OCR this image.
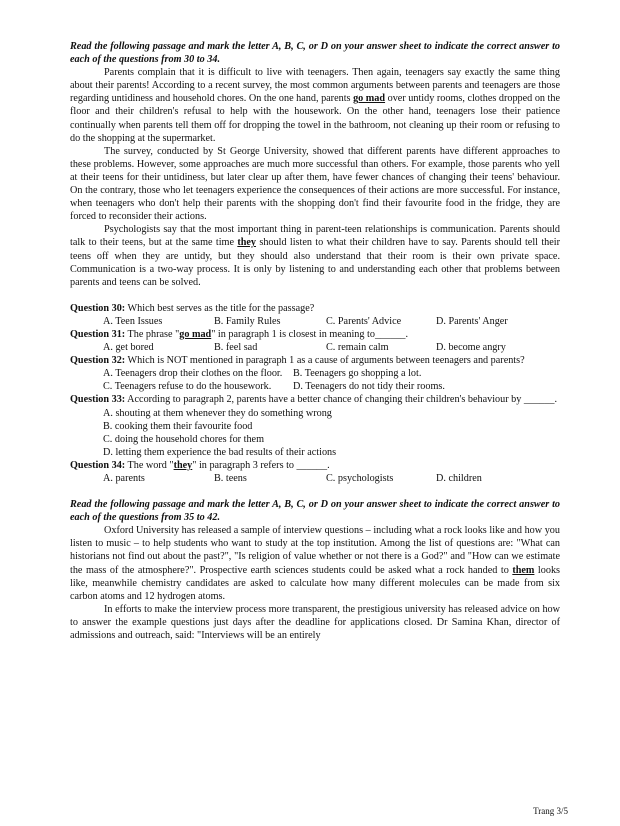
Read the following passage and mark the letter A, B, C, or D on your answer sheet to indicate the correct answer to each of the questions from 30 to 34.
Parents complain that it is difficult to live with teenagers. Then again, teenagers say exactly the same thing about their parents! According to a recent survey, the most common arguments between parents and teenagers are those regarding untidiness and household chores. On the one hand, parents go mad over untidy rooms, clothes dropped on the floor and their children's refusal to help with the housework. On the other hand, teenagers lose their patience continually when parents tell them off for dropping the towel in the bathroom, not cleaning up their room or refusing to do the shopping at the supermarket.
The survey, conducted by St George University, showed that different parents have different approaches to these problems. However, some approaches are much more successful than others. For example, those parents who yell at their teens for their untidiness, but later clear up after them, have fewer chances of changing their teens' behaviour. On the contrary, those who let teenagers experience the consequences of their actions are more successful. For instance, when teenagers who don't help their parents with the shopping don't find their favourite food in the fridge, they are forced to reconsider their actions.
Psychologists say that the most important thing in parent-teen relationships is communication. Parents should talk to their teens, but at the same time they should listen to what their children have to say. Parents should tell their teens off when they are untidy, but they should also understand that their room is their own private space. Communication is a two-way process. It is only by listening to and understanding each other that problems between parents and teens can be solved.
Question 30: Which best serves as the title for the passage?
A. Teen Issues	B. Family Rules	C. Parents' Advice	D. Parents' Anger
Question 31: The phrase "go mad" in paragraph 1 is closest in meaning to______.
A. get bored	B. feel sad	C. remain calm	D. become angry
Question 32: Which is NOT mentioned in paragraph 1 as a cause of arguments between teenagers and parents?
A. Teenagers drop their clothes on the floor.	B. Teenagers go shopping a lot.
C. Teenagers refuse to do the housework.	D. Teenagers do not tidy their rooms.
Question 33: According to paragraph 2, parents have a better chance of changing their children's behaviour by ______.
A. shouting at them whenever they do something wrong
B. cooking them their favourite food
C. doing the household chores for them
D. letting them experience the bad results of their actions
Question 34: The word "they" in paragraph 3 refers to ______.
A. parents	B. teens	C. psychologists	D. children
Read the following passage and mark the letter A, B, C, or D on your answer sheet to indicate the correct answer to each of the questions from 35 to 42.
Oxford University has released a sample of interview questions – including what a rock looks like and how you listen to music – to help students who want to study at the top institution. Among the list of questions are: "What can historians not find out about the past?", "Is religion of value whether or not there is a God?" and "How can we estimate the mass of the atmosphere?". Prospective earth sciences students could be asked what a rock handed to them looks like, meanwhile chemistry candidates are asked to calculate how many different molecules can be made from six carbon atoms and 12 hydrogen atoms.
In efforts to make the interview process more transparent, the prestigious university has released advice on how to answer the example questions just days after the deadline for applications closed. Dr Samina Khan, director of admissions and outreach, said: "Interviews will be an entirely
Trang 3/5
